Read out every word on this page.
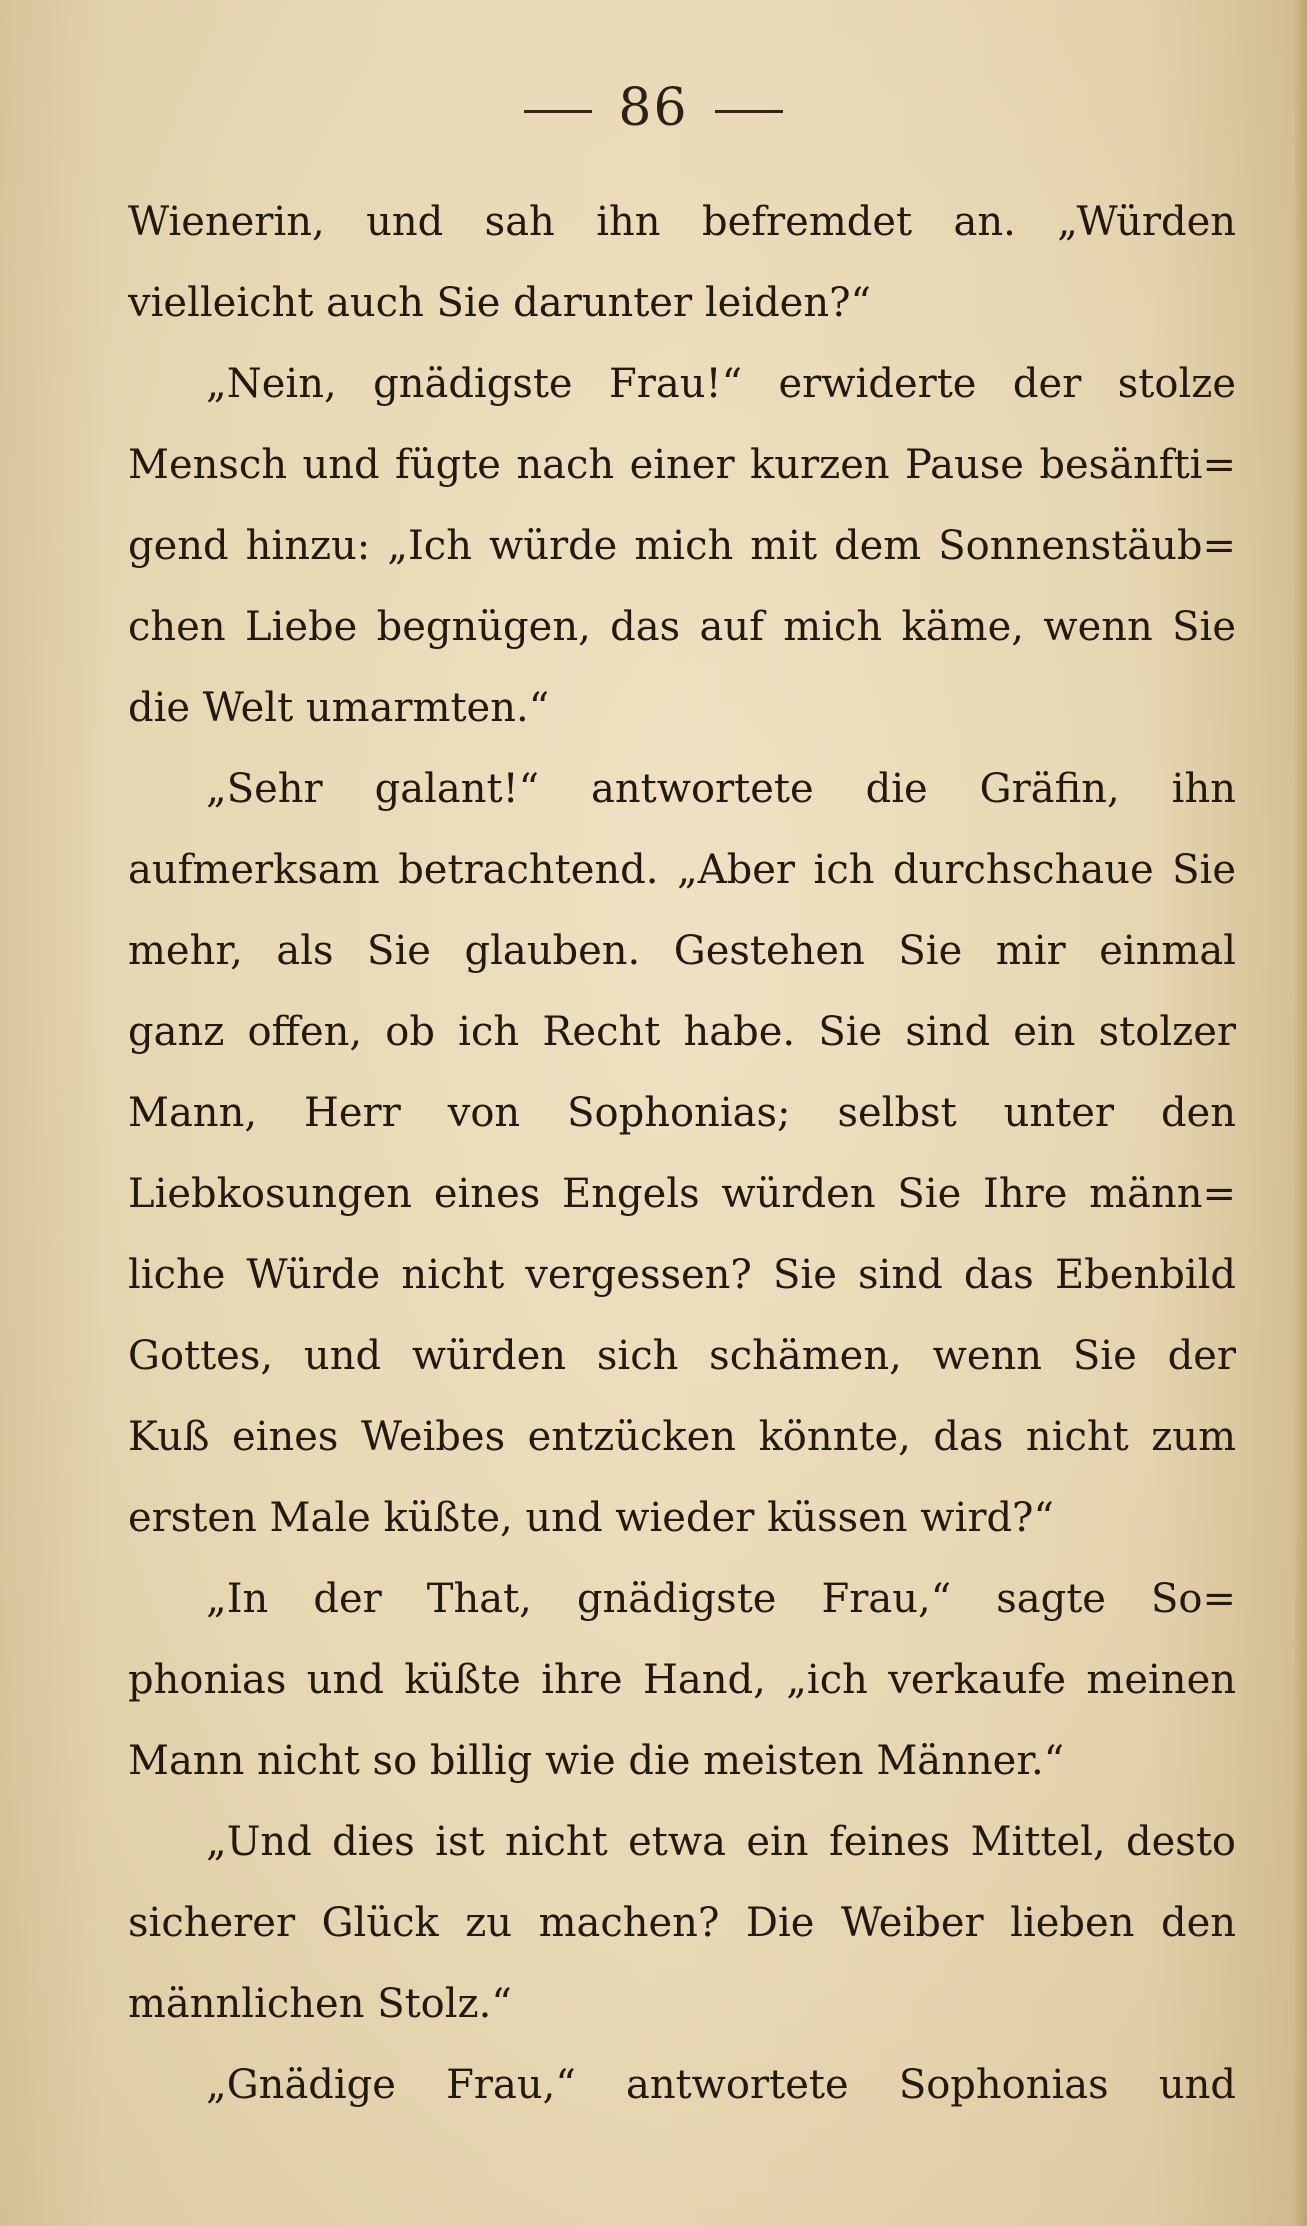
86
Wienerin, und sah ihn befremdet an. „Würden
vielleicht auch Sie darunter leiden?“
„Nein, gnädigste Frau!“ erwiderte der stolze
Mensch und fügte nach einer kurzen Pause besänfti=
gend hinzu: „Ich würde mich mit dem Sonnenstäub=
chen Liebe begnügen, das auf mich käme, wenn Sie
die Welt umarmten.“
„Sehr galant!“ antwortete die Gräfin, ihn
aufmerksam betrachtend. „Aber ich durchschaue Sie
mehr, als Sie glauben. Gestehen Sie mir einmal
ganz offen, ob ich Recht habe. Sie sind ein stolzer
Mann, Herr von Sophonias; selbst unter den
Liebkosungen eines Engels würden Sie Ihre männ=
liche Würde nicht vergessen? Sie sind das Ebenbild
Gottes, und würden sich schämen, wenn Sie der
Kuß eines Weibes entzücken könnte, das nicht zum
ersten Male küßte, und wieder küssen wird?“
„In der That, gnädigste Frau,“ sagte So=
phonias und küßte ihre Hand, „ich verkaufe meinen
Mann nicht so billig wie die meisten Männer.“
„Und dies ist nicht etwa ein feines Mittel, desto
sicherer Glück zu machen? Die Weiber lieben den
männlichen Stolz.“
„Gnädige Frau,“ antwortete Sophonias und
